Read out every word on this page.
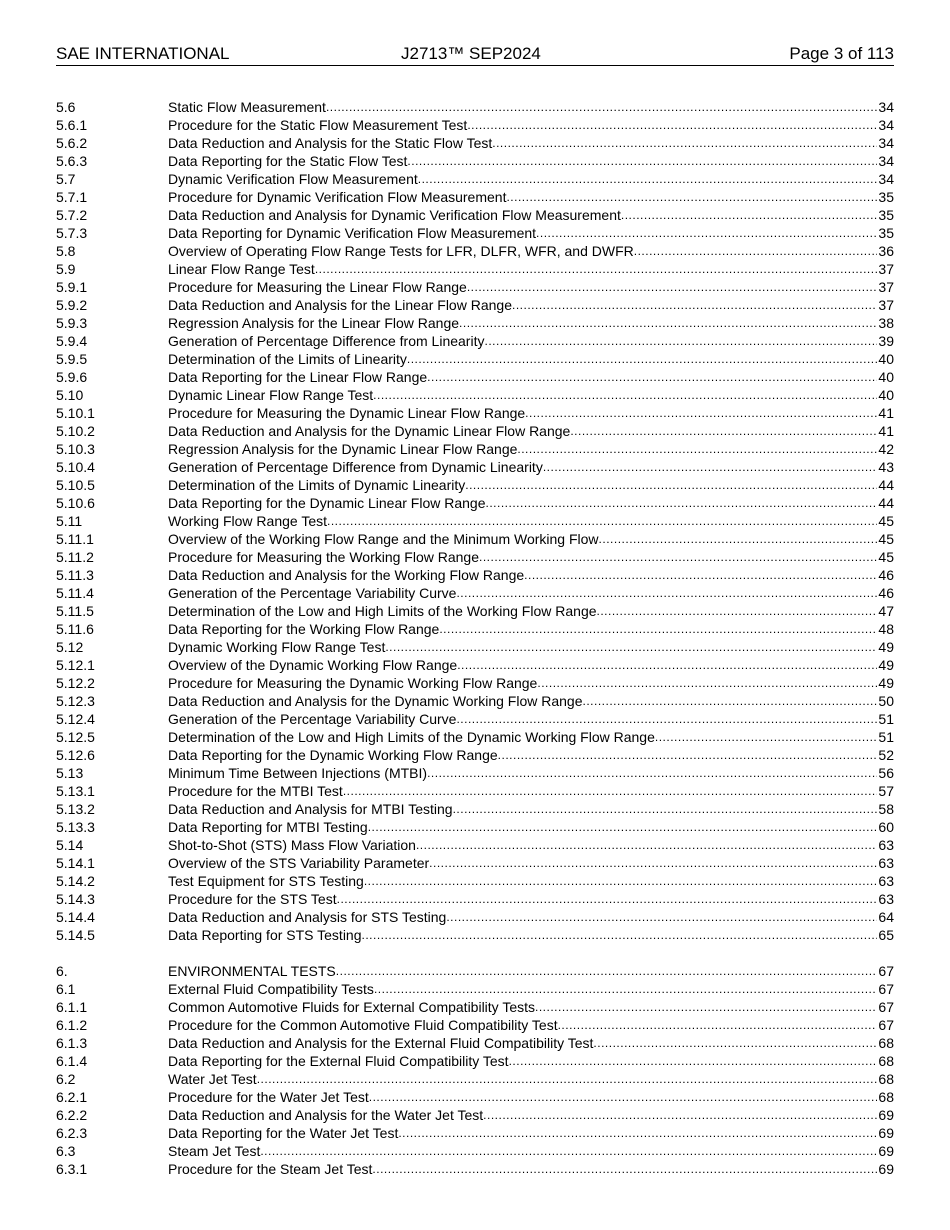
SAE INTERNATIONAL	J2713™ SEP2024	Page 3 of 113
5.6	Static Flow Measurement .....	34
5.6.1	Procedure for the Static Flow Measurement Test .....	34
5.6.2	Data Reduction and Analysis for the Static Flow Test .....	34
5.6.3	Data Reporting for the Static Flow Test .....	34
5.7	Dynamic Verification Flow Measurement .....	34
5.7.1	Procedure for Dynamic Verification Flow Measurement .....	35
5.7.2	Data Reduction and Analysis for Dynamic Verification Flow Measurement .....	35
5.7.3	Data Reporting for Dynamic Verification Flow Measurement .....	35
5.8	Overview of Operating Flow Range Tests for LFR, DLFR, WFR, and DWFR .....	36
5.9	Linear Flow Range Test .....	37
5.9.1	Procedure for Measuring the Linear Flow Range .....	37
5.9.2	Data Reduction and Analysis for the Linear Flow Range .....	37
5.9.3	Regression Analysis for the Linear Flow Range .....	38
5.9.4	Generation of Percentage Difference from Linearity .....	39
5.9.5	Determination of the Limits of Linearity .....	40
5.9.6	Data Reporting for the Linear Flow Range .....	40
5.10	Dynamic Linear Flow Range Test .....	40
5.10.1	Procedure for Measuring the Dynamic Linear Flow Range .....	41
5.10.2	Data Reduction and Analysis for the Dynamic Linear Flow Range .....	41
5.10.3	Regression Analysis for the Dynamic Linear Flow Range .....	42
5.10.4	Generation of Percentage Difference from Dynamic Linearity .....	43
5.10.5	Determination of the Limits of Dynamic Linearity .....	44
5.10.6	Data Reporting for the Dynamic Linear Flow Range .....	44
5.11	Working Flow Range Test .....	45
5.11.1	Overview of the Working Flow Range and the Minimum Working Flow .....	45
5.11.2	Procedure for Measuring the Working Flow Range .....	45
5.11.3	Data Reduction and Analysis for the Working Flow Range .....	46
5.11.4	Generation of the Percentage Variability Curve .....	46
5.11.5	Determination of the Low and High Limits of the Working Flow Range .....	47
5.11.6	Data Reporting for the Working Flow Range .....	48
5.12	Dynamic Working Flow Range Test .....	49
5.12.1	Overview of the Dynamic Working Flow Range .....	49
5.12.2	Procedure for Measuring the Dynamic Working Flow Range .....	49
5.12.3	Data Reduction and Analysis for the Dynamic Working Flow Range .....	50
5.12.4	Generation of the Percentage Variability Curve .....	51
5.12.5	Determination of the Low and High Limits of the Dynamic Working Flow Range .....	51
5.12.6	Data Reporting for the Dynamic Working Flow Range .....	52
5.13	Minimum Time Between Injections (MTBI) .....	56
5.13.1	Procedure for the MTBI Test .....	57
5.13.2	Data Reduction and Analysis for MTBI Testing .....	58
5.13.3	Data Reporting for MTBI Testing .....	60
5.14	Shot-to-Shot (STS) Mass Flow Variation .....	63
5.14.1	Overview of the STS Variability Parameter .....	63
5.14.2	Test Equipment for STS Testing .....	63
5.14.3	Procedure for the STS Test .....	63
5.14.4	Data Reduction and Analysis for STS Testing .....	64
5.14.5	Data Reporting for STS Testing .....	65
6.	ENVIRONMENTAL TESTS .....	67
6.1	External Fluid Compatibility Tests .....	67
6.1.1	Common Automotive Fluids for External Compatibility Tests .....	67
6.1.2	Procedure for the Common Automotive Fluid Compatibility Test .....	67
6.1.3	Data Reduction and Analysis for the External Fluid Compatibility Test .....	68
6.1.4	Data Reporting for the External Fluid Compatibility Test .....	68
6.2	Water Jet Test .....	68
6.2.1	Procedure for the Water Jet Test .....	68
6.2.2	Data Reduction and Analysis for the Water Jet Test .....	69
6.2.3	Data Reporting for the Water Jet Test .....	69
6.3	Steam Jet Test .....	69
6.3.1	Procedure for the Steam Jet Test .....	69
